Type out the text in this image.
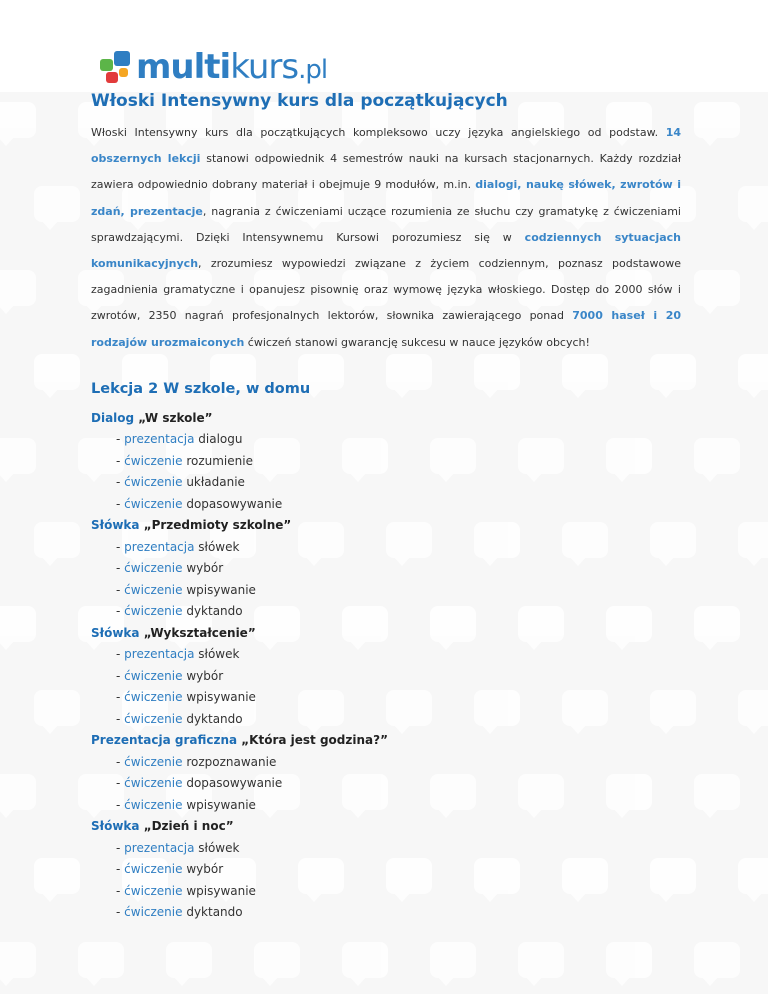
multikurs.pl
Włoski Intensywny kurs dla początkujących
Włoski Intensywny kurs dla początkujących kompleksowo uczy języka angielskiego od podstaw. 14 obszernych lekcji stanowi odpowiednik 4 semestrów nauki na kursach stacjonarnych. Każdy rozdział zawiera odpowiednio dobrany materiał i obejmuje 9 modułów, m.in. dialogi, naukę słówek, zwrotów i zdań, prezentacje, nagrania z ćwiczeniami uczące rozumienia ze słuchu czy gramatykę z ćwiczeniami sprawdzającymi. Dzięki Intensywnemu Kursowi porozumiesz się w codziennych sytuacjach komunikacyjnych, zrozumiesz wypowiedzi związane z życiem codziennym, poznasz podstawowe zagadnienia gramatyczne i opanujesz pisownię oraz wymowę języka włoskiego. Dostęp do 2000 słów i zwrotów, 2350 nagrań profesjonalnych lektorów, słownika zawierającego ponad 7000 haseł i 20 rodzajów urozmaiconych ćwiczeń stanowi gwarancję sukcesu w nauce języków obcych!
Lekcja 2 W szkole, w domu
Dialog „W szkole”
- prezentacja dialogu
- ćwiczenie rozumienie
- ćwiczenie układanie
- ćwiczenie dopasowywanie
Słówka „Przedmioty szkolne”
- prezentacja słówek
- ćwiczenie wybór
- ćwiczenie wpisywanie
- ćwiczenie dyktando
Słówka „Wykształcenie”
- prezentacja słówek
- ćwiczenie wybór
- ćwiczenie wpisywanie
- ćwiczenie dyktando
Prezentacja graficzna „Która jest godzina?”
- ćwiczenie rozpoznawanie
- ćwiczenie dopasowywanie
- ćwiczenie wpisywanie
Słówka „Dzień i noc”
- prezentacja słówek
- ćwiczenie wybór
- ćwiczenie wpisywanie
- ćwiczenie dyktando
